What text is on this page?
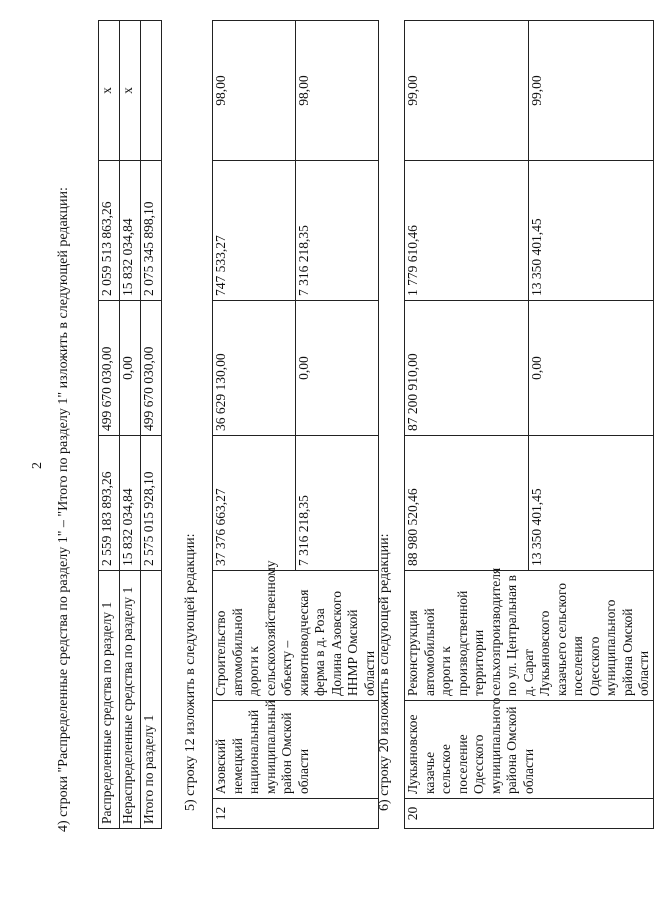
2 4) строки "Распределенные средства по разделу 1" – "Итого по разделу 1" изложить в следующей редакции: Распределенные средства по разделу 1	2 559 183 893,26	499 670 030,00	2 059 513 863,26	х
Нераспределенные средства по разделу 1	15 832 034,84	0,00	15 832 034,84	х
Итого по разделу 1	2 575 015 928,10	499 670 030,00	2 075 345 898,10	
5) строку 12 изложить в следующей редакции:
12	Азовский немецкий национальный муниципальный район Омской области	Строительство автомобильной дороги к сельскохозяйственному объекту – животноводческая ферма в д. Роза Долина Азовского ННМР Омской области	37 376 663,27	36 629 130,00	747 533,27	98,00
			7 316 218,35	0,00	7 316 218,35	98,00
6) строку 20 изложить в следующей редакции:
20	Лукьяновское казачье сельское поселение Одесского муниципального района Омской области	Реконструкция автомобильной дороги к производственной территории сельхозпроизводителя по ул. Центральная в д. Сарат Лукьяновского казачьего сельского поселения Одесского муниципального района Омской области	88 980 520,46	87 200 910,00	1 779 610,46	99,00
			13 350 401,45	0,00	13 350 401,45	99,00
